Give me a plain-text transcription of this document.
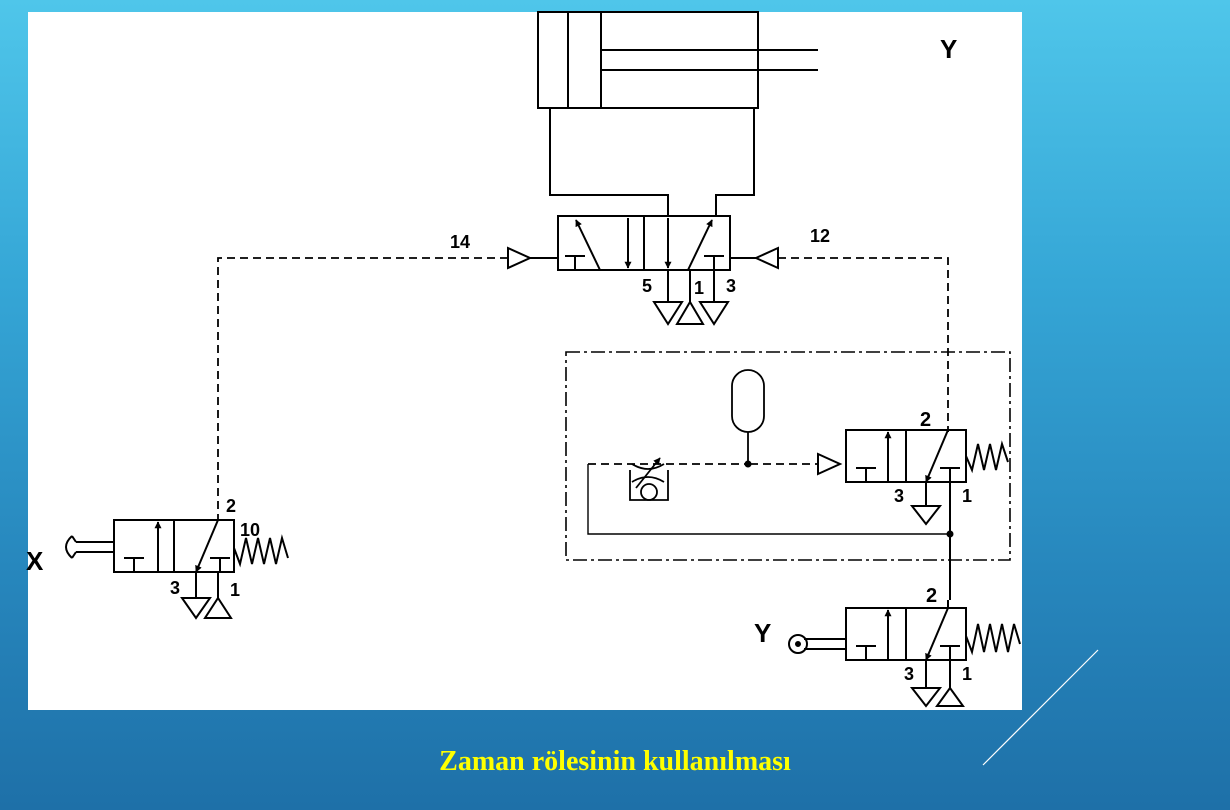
Y
14	12
5 1 3
2
3	1
X
2
10
3	1
Y
2
3	1
Zaman rölesinin kullanılması
